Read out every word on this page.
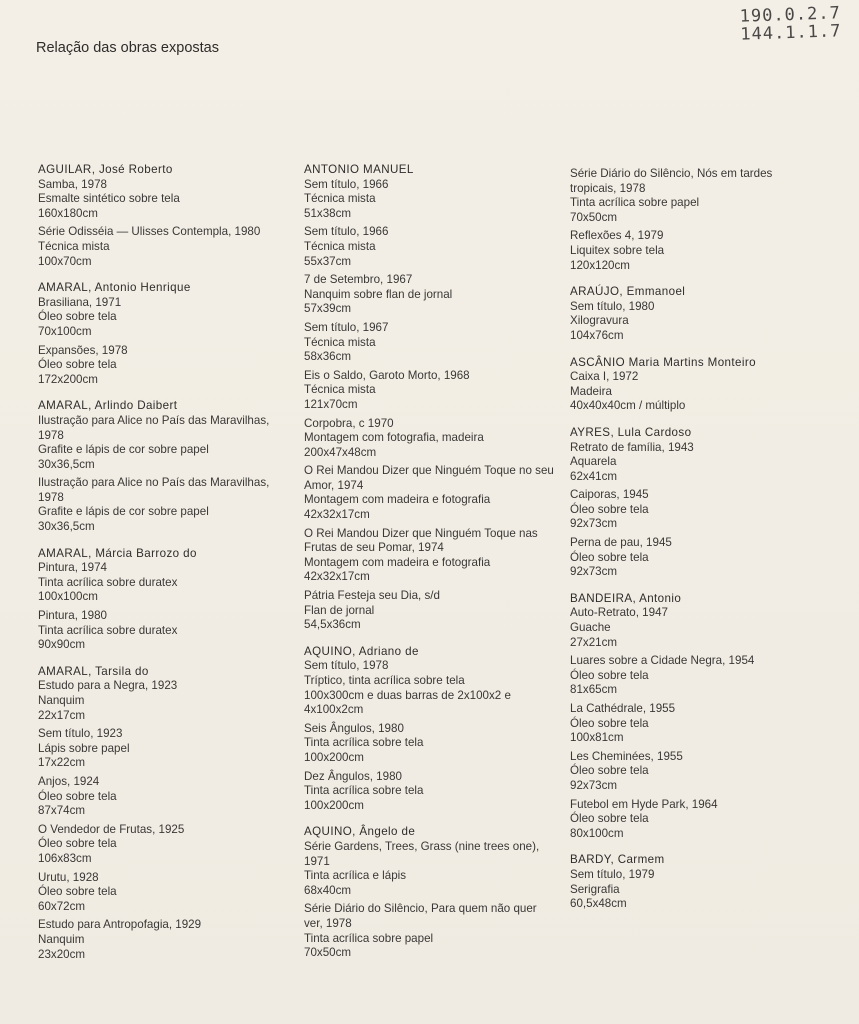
190.0.2.7
144.1.1.7
Relação das obras expostas
AGUILAR, José Roberto
Samba, 1978
Esmalte sintético sobre tela
160x180cm
Série Odisséia — Ulisses Contempla, 1980
Técnica mista
100x70cm
AMARAL, Antonio Henrique
Brasiliana, 1971
Óleo sobre tela
70x100cm
Expansões, 1978
Óleo sobre tela
172x200cm
AMARAL, Arlindo Daibert
Ilustração para Alice no País das Maravilhas, 1978
Grafite e lápis de cor sobre papel
30x36,5cm
Ilustração para Alice no País das Maravilhas, 1978
Grafite e lápis de cor sobre papel
30x36,5cm
AMARAL, Márcia Barrozo do
Pintura, 1974
Tinta acrílica sobre duratex
100x100cm
Pintura, 1980
Tinta acrílica sobre duratex
90x90cm
AMARAL, Tarsila do
Estudo para a Negra, 1923
Nanquim
22x17cm
Sem título, 1923
Lápis sobre papel
17x22cm
Anjos, 1924
Óleo sobre tela
87x74cm
O Vendedor de Frutas, 1925
Óleo sobre tela
106x83cm
Urutu, 1928
Óleo sobre tela
60x72cm
Estudo para Antropofagia, 1929
Nanquim
23x20cm
ANTONIO MANUEL
Sem título, 1966
Técnica mista
51x38cm
Sem título, 1966
Técnica mista
55x37cm
7 de Setembro, 1967
Nanquim sobre flan de jornal
57x39cm
Sem título, 1967
Técnica mista
58x36cm
Eis o Saldo, Garoto Morto, 1968
Técnica mista
121x70cm
Corpobra, c 1970
Montagem com fotografia, madeira
200x47x48cm
O Rei Mandou Dizer que Ninguém Toque no seu Amor, 1974
Montagem com madeira e fotografia
42x32x17cm
O Rei Mandou Dizer que Ninguém Toque nas Frutas de seu Pomar, 1974
Montagem com madeira e fotografia
42x32x17cm
Pátria Festeja seu Dia, s/d
Flan de jornal
54,5x36cm
AQUINO, Adriano de
Sem título, 1978
Tríptico, tinta acrílica sobre tela
100x300cm e duas barras de 2x100x2 e 4x100x2cm
Seis Ângulos, 1980
Tinta acrílica sobre tela
100x200cm
Dez Ângulos, 1980
Tinta acrílica sobre tela
100x200cm
AQUINO, Ângelo de
Série Gardens, Trees, Grass (nine trees one), 1971
Tinta acrílica e lápis
68x40cm
Série Diário do Silêncio, Para quem não quer ver, 1978
Tinta acrílica sobre papel
70x50cm
Série Diário do Silêncio, Nós em tardes tropicais, 1978
Tinta acrílica sobre papel
70x50cm
Reflexões 4, 1979
Liquitex sobre tela
120x120cm
ARAÚJO, Emmanoel
Sem título, 1980
Xilogravura
104x76cm
ASCÂNIO Maria Martins Monteiro
Caixa I, 1972
Madeira
40x40x40cm / múltiplo
AYRES, Lula Cardoso
Retrato de família, 1943
Aquarela
62x41cm
Caiporas, 1945
Óleo sobre tela
92x73cm
Perna de pau, 1945
Óleo sobre tela
92x73cm
BANDEIRA, Antonio
Auto-Retrato, 1947
Guache
27x21cm
Luares sobre a Cidade Negra, 1954
Óleo sobre tela
81x65cm
La Cathédrale, 1955
Óleo sobre tela
100x81cm
Les Cheminées, 1955
Óleo sobre tela
92x73cm
Futebol em Hyde Park, 1964
Óleo sobre tela
80x100cm
BARDY, Carmem
Sem título, 1979
Serigrafia
60,5x48cm
